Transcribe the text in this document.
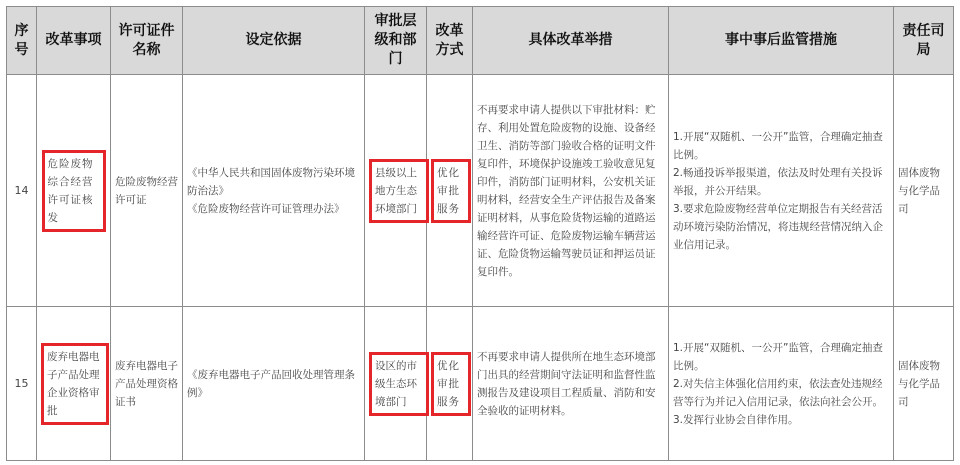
序号	改革事项	许可证件名称	设定依据	审批层级和部门	改革方式	具体改革举措	事中事后监管措施	责任司局
14	危险废物综合经营许可证核发	危险废物经营许可证	《中华人民共和国固体废物污染环境防治法》
《危险废物经营许可证管理办法》	县级以上地方生态环境部门	优化审批服务	不再要求申请人提供以下审批材料：贮存、利用处置危险废物的设施、设备经卫生、消防等部门验收合格的证明文件复印件，环境保护设施竣工验收意见复印件，消防部门证明材料，公安机关证明材料，经营安全生产评估报告及备案证明材料，从事危险货物运输的道路运输经营许可证、危险废物运输车辆营运证、危险货物运输驾驶员证和押运员证复印件。	1.开展“双随机、一公开”监管，合理确定抽查比例。
2.畅通投诉举报渠道，依法及时处理有关投诉举报，并公开结果。
3.要求危险废物经营单位定期报告有关经营活动环境污染防治情况，将违规经营情况纳入企业信用记录。	固体废物与化学品司
15	废弃电器电子产品处理企业资格审批	废弃电器电子产品处理资格证书	《废弃电器电子产品回收处理管理条例》	设区的市级生态环境部门	优化审批服务	不再要求申请人提供所在地生态环境部门出具的经营期间守法证明和监督性监测报告及建设项目工程质量、消防和安全验收的证明材料。	1.开展“双随机、一公开”监管，合理确定抽查比例。
2.对失信主体强化信用约束，依法查处违规经营等行为并记入信用记录，依法向社会公开。
3.发挥行业协会自律作用。	固体废物与化学品司
